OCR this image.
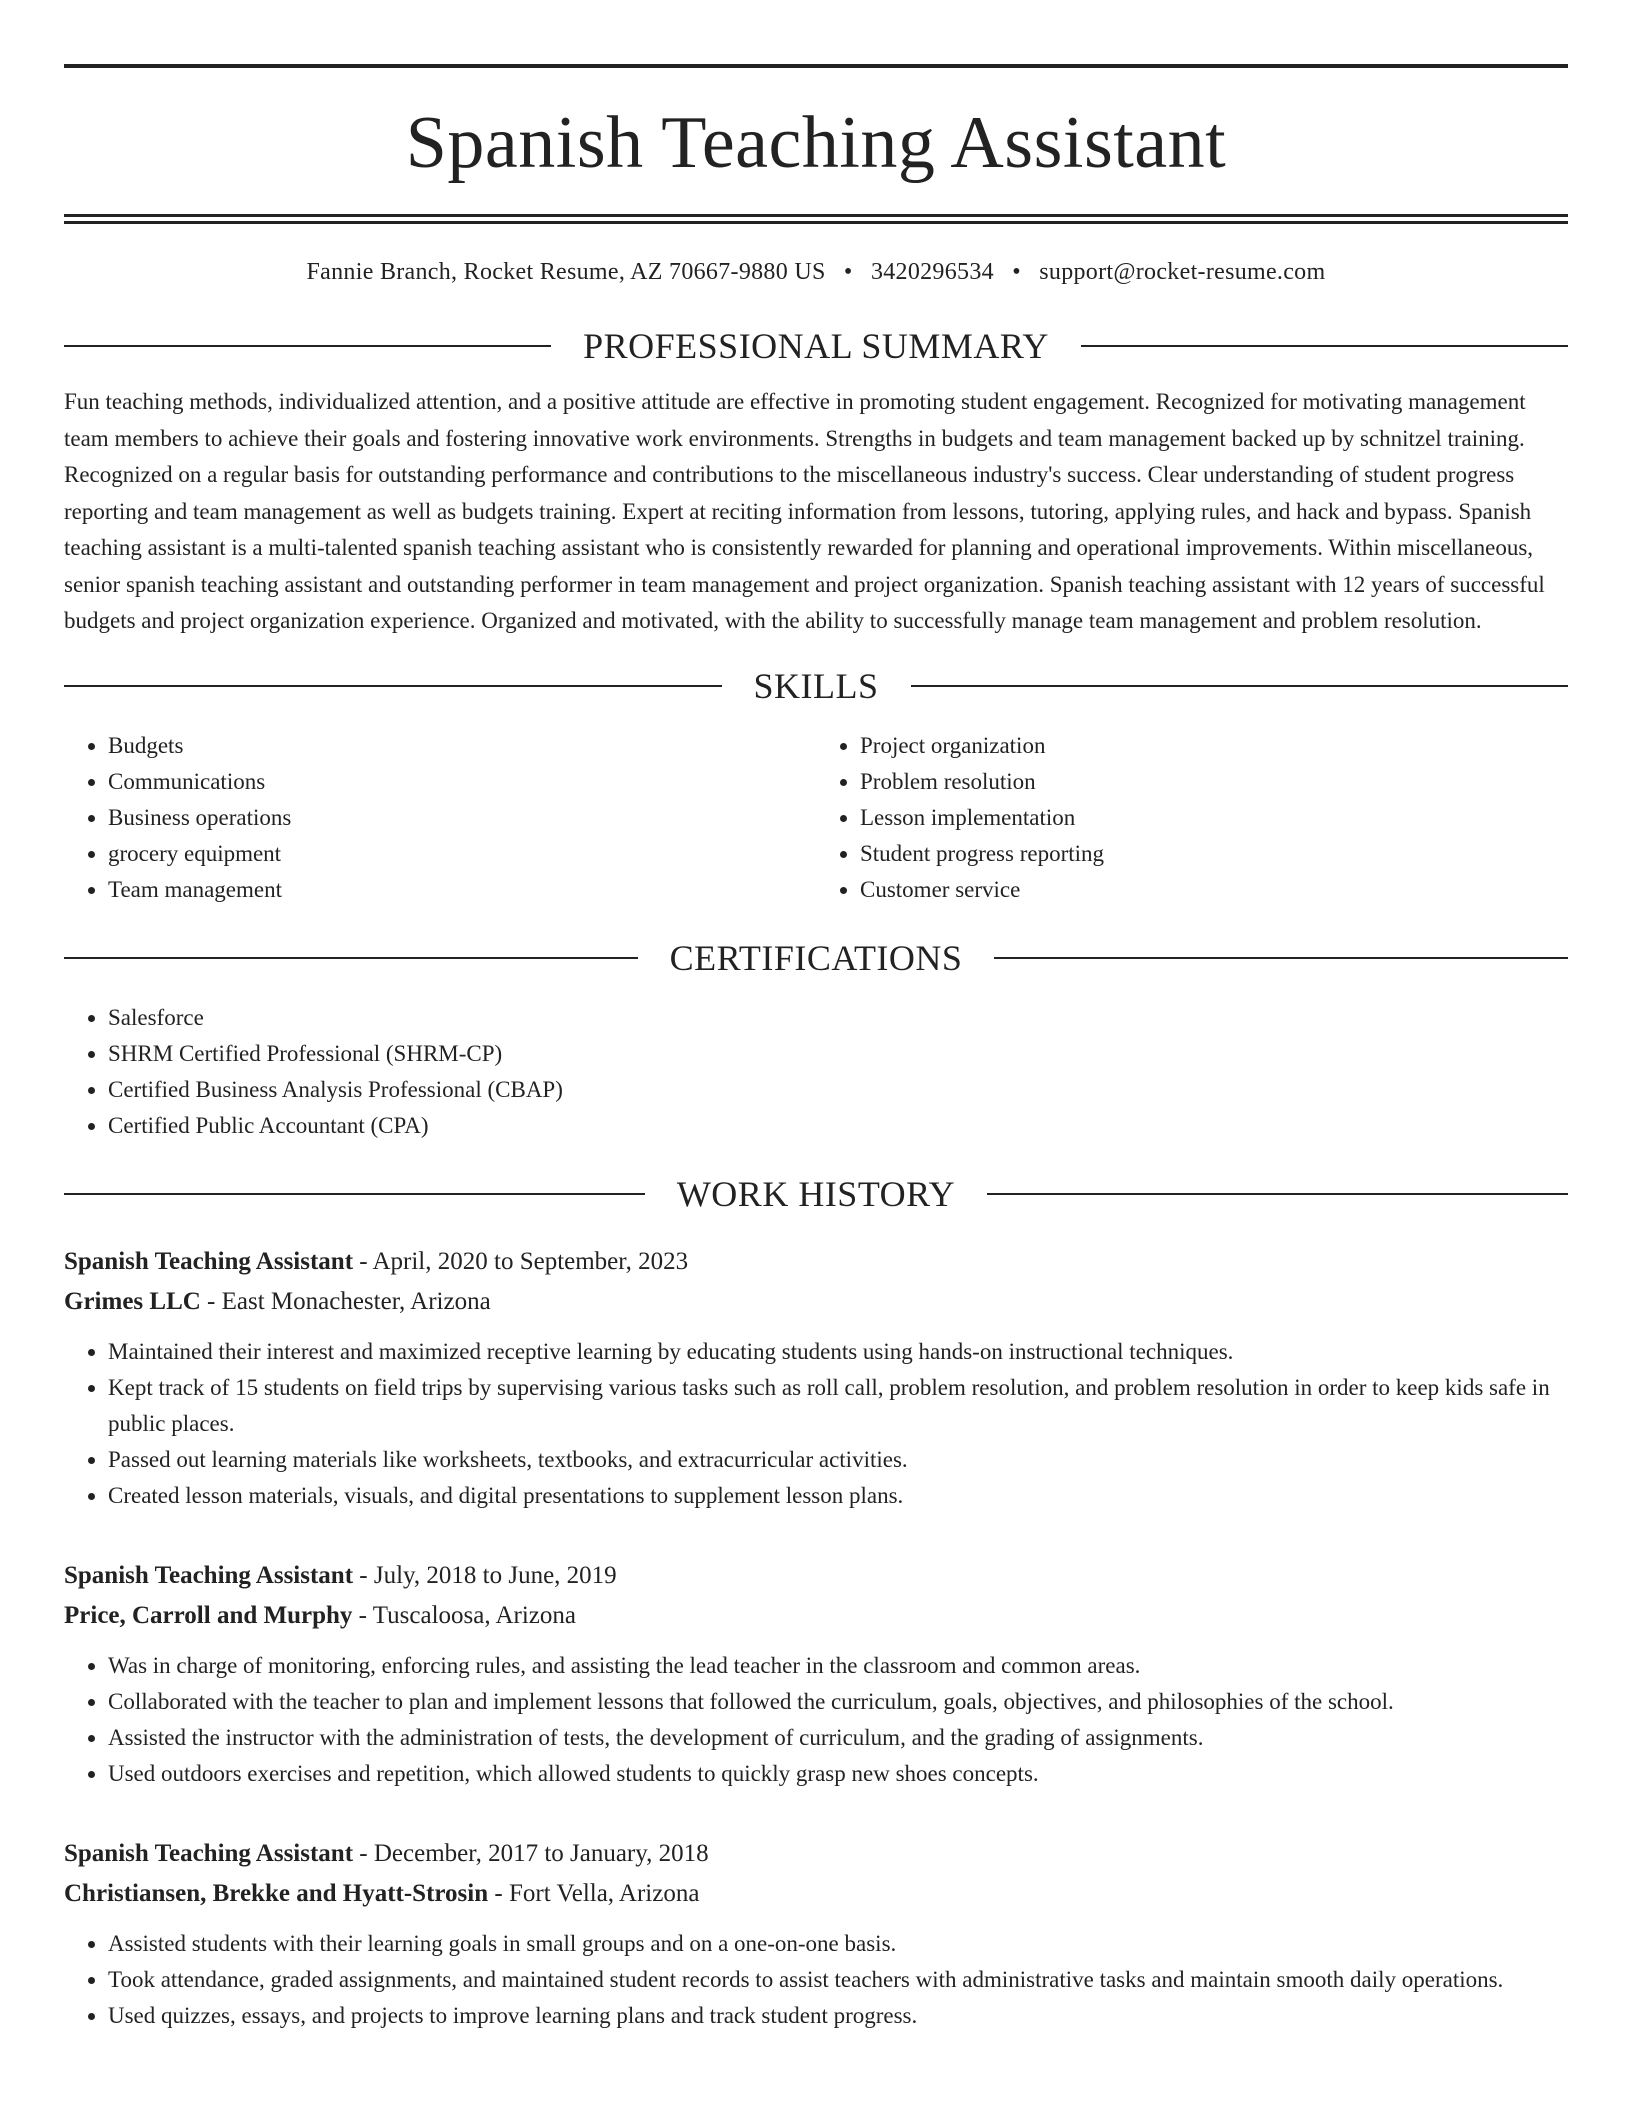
Spanish Teaching Assistant
Fannie Branch, Rocket Resume, AZ 70667-9880 US • 3420296534 • support@rocket-resume.com
PROFESSIONAL SUMMARY

Fun teaching methods, individualized attention, and a positive attitude are effective in promoting student engagement. Recognized for motivating management team members to achieve their goals and fostering innovative work environments. Strengths in budgets and team management backed up by schnitzel training. Recognized on a regular basis for outstanding performance and contributions to the miscellaneous industry's success. Clear understanding of student progress reporting and team management as well as budgets training. Expert at reciting information from lessons, tutoring, applying rules, and hack and bypass. Spanish teaching assistant is a multi-talented spanish teaching assistant who is consistently rewarded for planning and operational improvements. Within miscellaneous, senior spanish teaching assistant and outstanding performer in team management and project organization. Spanish teaching assistant with 12 years of successful budgets and project organization experience. Organized and motivated, with the ability to successfully manage team management and problem resolution.

SKILLS
• Budgets
• Communications
• Business operations
• grocery equipment
• Team management
• Project organization
• Problem resolution
• Lesson implementation
• Student progress reporting
• Customer service
CERTIFICATIONS
• Salesforce
• SHRM Certified Professional (SHRM-CP)
• Certified Business Analysis Professional (CBAP)
• Certified Public Accountant (CPA)
WORK HISTORY
Spanish Teaching Assistant - April, 2020 to September, 2023
Grimes LLC - East Monachester, Arizona
• Maintained their interest and maximized receptive learning by educating students using hands-on instructional techniques.
• Kept track of 15 students on field trips by supervising various tasks such as roll call, problem resolution, and problem resolution in order to keep kids safe in public places.
• Passed out learning materials like worksheets, textbooks, and extracurricular activities.
• Created lesson materials, visuals, and digital presentations to supplement lesson plans.
Spanish Teaching Assistant - July, 2018 to June, 2019
Price, Carroll and Murphy - Tuscaloosa, Arizona
• Was in charge of monitoring, enforcing rules, and assisting the lead teacher in the classroom and common areas.
• Collaborated with the teacher to plan and implement lessons that followed the curriculum, goals, objectives, and philosophies of the school.
• Assisted the instructor with the administration of tests, the development of curriculum, and the grading of assignments.
• Used outdoors exercises and repetition, which allowed students to quickly grasp new shoes concepts.
Spanish Teaching Assistant - December, 2017 to January, 2018
Christiansen, Brekke and Hyatt-Strosin - Fort Vella, Arizona
• Assisted students with their learning goals in small groups and on a one-on-one basis.
• Took attendance, graded assignments, and maintained student records to assist teachers with administrative tasks and maintain smooth daily operations.
• Used quizzes, essays, and projects to improve learning plans and track student progress.
